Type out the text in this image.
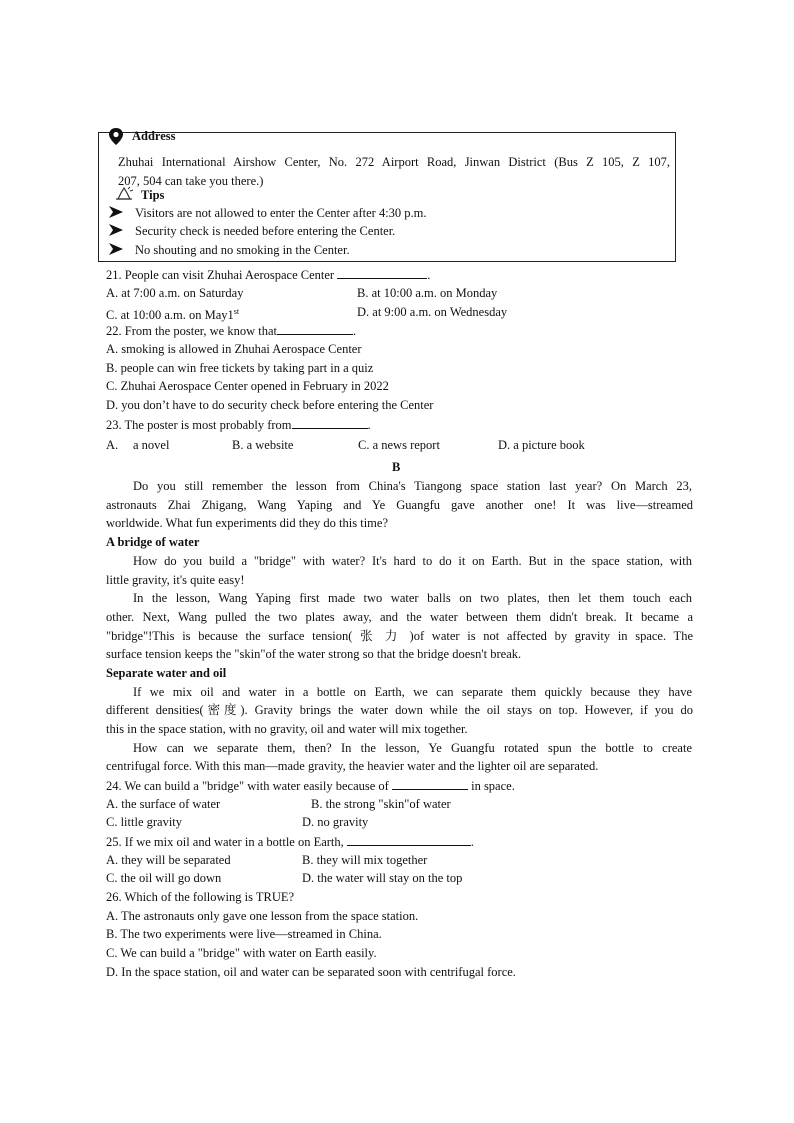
Address
Zhuhai International Airshow Center, No. 272 Airport Road, Jinwan District (Bus Z 105, Z 107,
207, 504 can take you there.)
Tips
Visitors are not allowed to enter the Center after 4:30 p.m.
Security check is needed before entering the Center.
No shouting and no smoking in the Center.
21. People can visit Zhuhai Aerospace Center	.
A. at 7:00 a.m. on Saturday	B. at 10:00 a.m. on Monday
C. at 10:00 a.m. on May1st	D. at 9:00 a.m. on Wednesday
22. From the poster, we know that	.
A. smoking is allowed in Zhuhai Aerospace Center
B. people can win free tickets by taking part in a quiz
C. Zhuhai Aerospace Center opened in February in 2022
D. you don’t have to do security check before entering the Center
23. The poster is most probably from	.
A. a novel	B. a website	C. a news report	D. a picture book
B
Do you still remember the lesson from China's Tiangong space station last year? On March 23,
astronauts Zhai Zhigang, Wang Yaping and Ye Guangfu gave another one! It was live—streamed
worldwide. What fun experiments did they do this time?
A bridge of water
How do you build a "bridge" with water? It's hard to do it on Earth. But in the space station, with
little gravity, it's quite easy!
In the lesson, Wang Yaping first made two water balls on two plates, then let them touch each
other. Next, Wang pulled the two plates away, and the water between them didn't break. It became a
"bridge"!This is because the surface tension( 张 力 )of water is not affected by gravity in space. The
surface tension keeps the "skin"of the water strong so that the bridge doesn't break.
Separate water and oil
If we mix oil and water in a bottle on Earth, we can separate them quickly because they have
different densities(密度). Gravity brings the water down while the oil stays on top. However, if you do
this in the space station, with no gravity, oil and water will mix together.
How can we separate them, then? In the lesson, Ye Guangfu rotated spun the bottle to create
centrifugal force. With this man—made gravity, the heavier water and the lighter oil are separated.
24. We can build a "bridge" with water easily because of	in space.
A. the surface of water	B. the strong "skin"of water
C. little gravity	D. no gravity
25. If we mix oil and water in a bottle on Earth,	.
A. they will be separated	B. they will mix together
C. the oil will go down	D. the water will stay on the top
26. Which of the following is TRUE?
A. The astronauts only gave one lesson from the space station.
B. The two experiments were live—streamed in China.
C. We can build a "bridge" with water on Earth easily.
D. In the space station, oil and water can be separated soon with centrifugal force.
